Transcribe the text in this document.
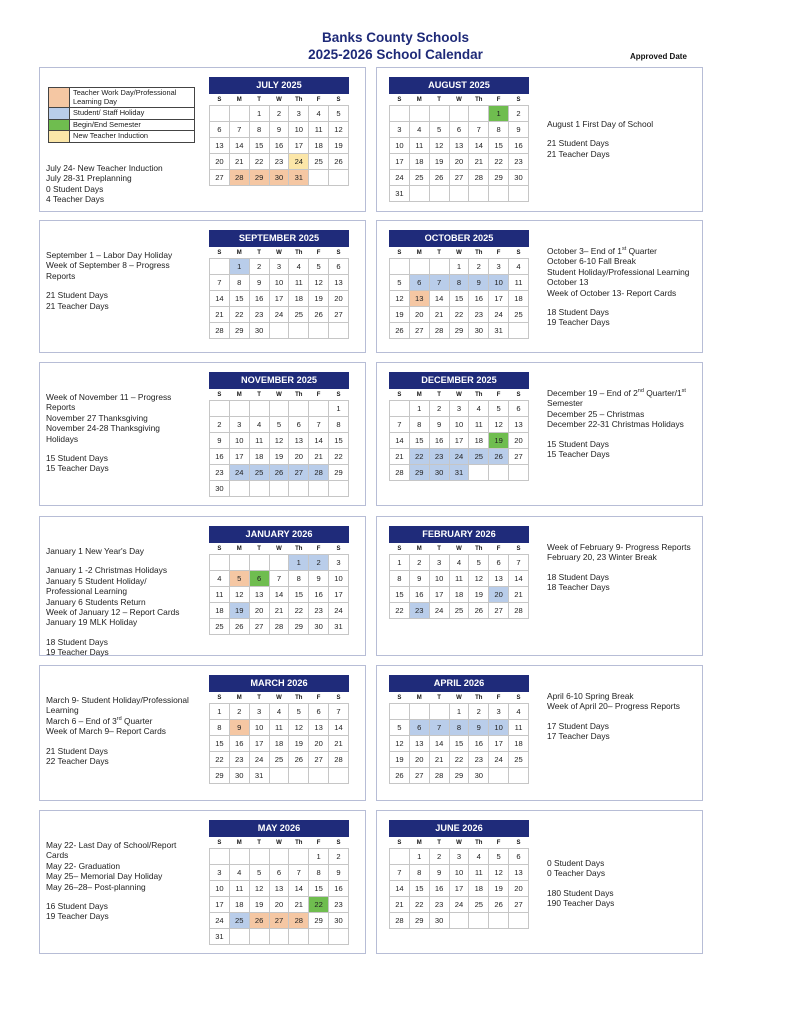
Banks County Schools
2025-2026 School Calendar	Approved Date
JULY 2025
S	M	T	W	Th	F	S
		1	2	3	4	5
6	7	8	9	10	11	12
13	14	15	16	17	18	19
20	21	22	23	24	25	26
27	28	29	30	31		
July 24- New Teacher Induction
July 28-31 Preplanning
0 Student Days
4 Teacher Days
AUGUST 2025
S	M	T	W	Th	F	S
					1	2
3	4	5	6	7	8	9
10	11	12	13	14	15	16
17	18	19	20	21	22	23
24	25	26	27	28	29	30
31						
August 1 First Day of School
21 Student Days
21 Teacher Days
SEPTEMBER 2025
S	M	T	W	Th	F	S
	1	2	3	4	5	6
7	8	9	10	11	12	13
14	15	16	17	18	19	20
21	22	23	24	25	26	27
28	29	30				
September 1 – Labor Day Holiday
Week of September 8 – Progress Reports
21 Student Days
21 Teacher Days
OCTOBER 2025
S	M	T	W	Th	F	S
			1	2	3	4
5	6	7	8	9	10	11
12	13	14	15	16	17	18
19	20	21	22	23	24	25
26	27	28	29	30	31	
October 3– End of 1st Quarter
October 6-10 Fall Break
Student Holiday/Professional Learning October 13
Week of October 13- Report Cards
18 Student Days
19 Teacher Days
NOVEMBER 2025
S	M	T	W	Th	F	S
						1
2	3	4	5	6	7	8
9	10	11	12	13	14	15
16	17	18	19	20	21	22
23	24	25	26	27	28	29
30						
Week of November 11 – Progress Reports
November 27 Thanksgiving
November 24-28 Thanksgiving Holidays
15 Student Days
15 Teacher Days
DECEMBER 2025
S	M	T	W	Th	F	S
	1	2	3	4	5	6
7	8	9	10	11	12	13
14	15	16	17	18	19	20
21	22	23	24	25	26	27
28	29	30	31			
December 19 – End of 2nd Quarter/1st Semester
December 25 – Christmas
December 22-31 Christmas Holidays
15 Student Days
15 Teacher Days
JANUARY 2026
S	M	T	W	Th	F	S
				1	2	3
4	5	6	7	8	9	10
11	12	13	14	15	16	17
18	19	20	21	22	23	24
25	26	27	28	29	30	31
January 1 New Year's Day
January 1 -2 Christmas Holidays
January 5 Student Holiday/ Professional Learning
January 6 Students Return
Week of January 12 – Report Cards
January 19 MLK Holiday
18 Student Days
19 Teacher Days
FEBRUARY 2026
S	M	T	W	Th	F	S
1	2	3	4	5	6	7
8	9	10	11	12	13	14
15	16	17	18	19	20	21
22	23	24	25	26	27	28
Week of February 9- Progress Reports
February 20, 23 Winter Break
18 Student Days
18 Teacher Days
MARCH 2026
S	M	T	W	Th	F	S
1	2	3	4	5	6	7
8	9	10	11	12	13	14
15	16	17	18	19	20	21
22	23	24	25	26	27	28
29	30	31				
March 9- Student Holiday/Professional Learning
March 6 – End of 3rd Quarter
Week of March 9– Report Cards
21 Student Days
22 Teacher Days
APRIL 2026
S	M	T	W	Th	F	S
			1	2	3	4
5	6	7	8	9	10	11
12	13	14	15	16	17	18
19	20	21	22	23	24	25
26	27	28	29	30		
April 6-10 Spring Break
Week of April 20– Progress Reports
17 Student Days
17 Teacher Days
MAY 2026
S	M	T	W	Th	F	S
					1	2
3	4	5	6	7	8	9
10	11	12	13	14	15	16
17	18	19	20	21	22	23
24	25	26	27	28	29	30
31						
May 22- Last Day of School/Report Cards
May 22- Graduation
May 25– Memorial Day Holiday
May 26–28– Post-planning
16 Student Days
19 Teacher Days
JUNE 2026
S	M	T	W	Th	F	S
	1	2	3	4	5	6
7	8	9	10	11	12	13
14	15	16	17	18	19	20
21	22	23	24	25	26	27
28	29	30				
0 Student Days
0 Teacher Days
180 Student Days
190 Teacher Days
Teacher Work Day/Professional Learning Day
Student/ Staff Holiday
Begin/End Semester
New Teacher Induction
